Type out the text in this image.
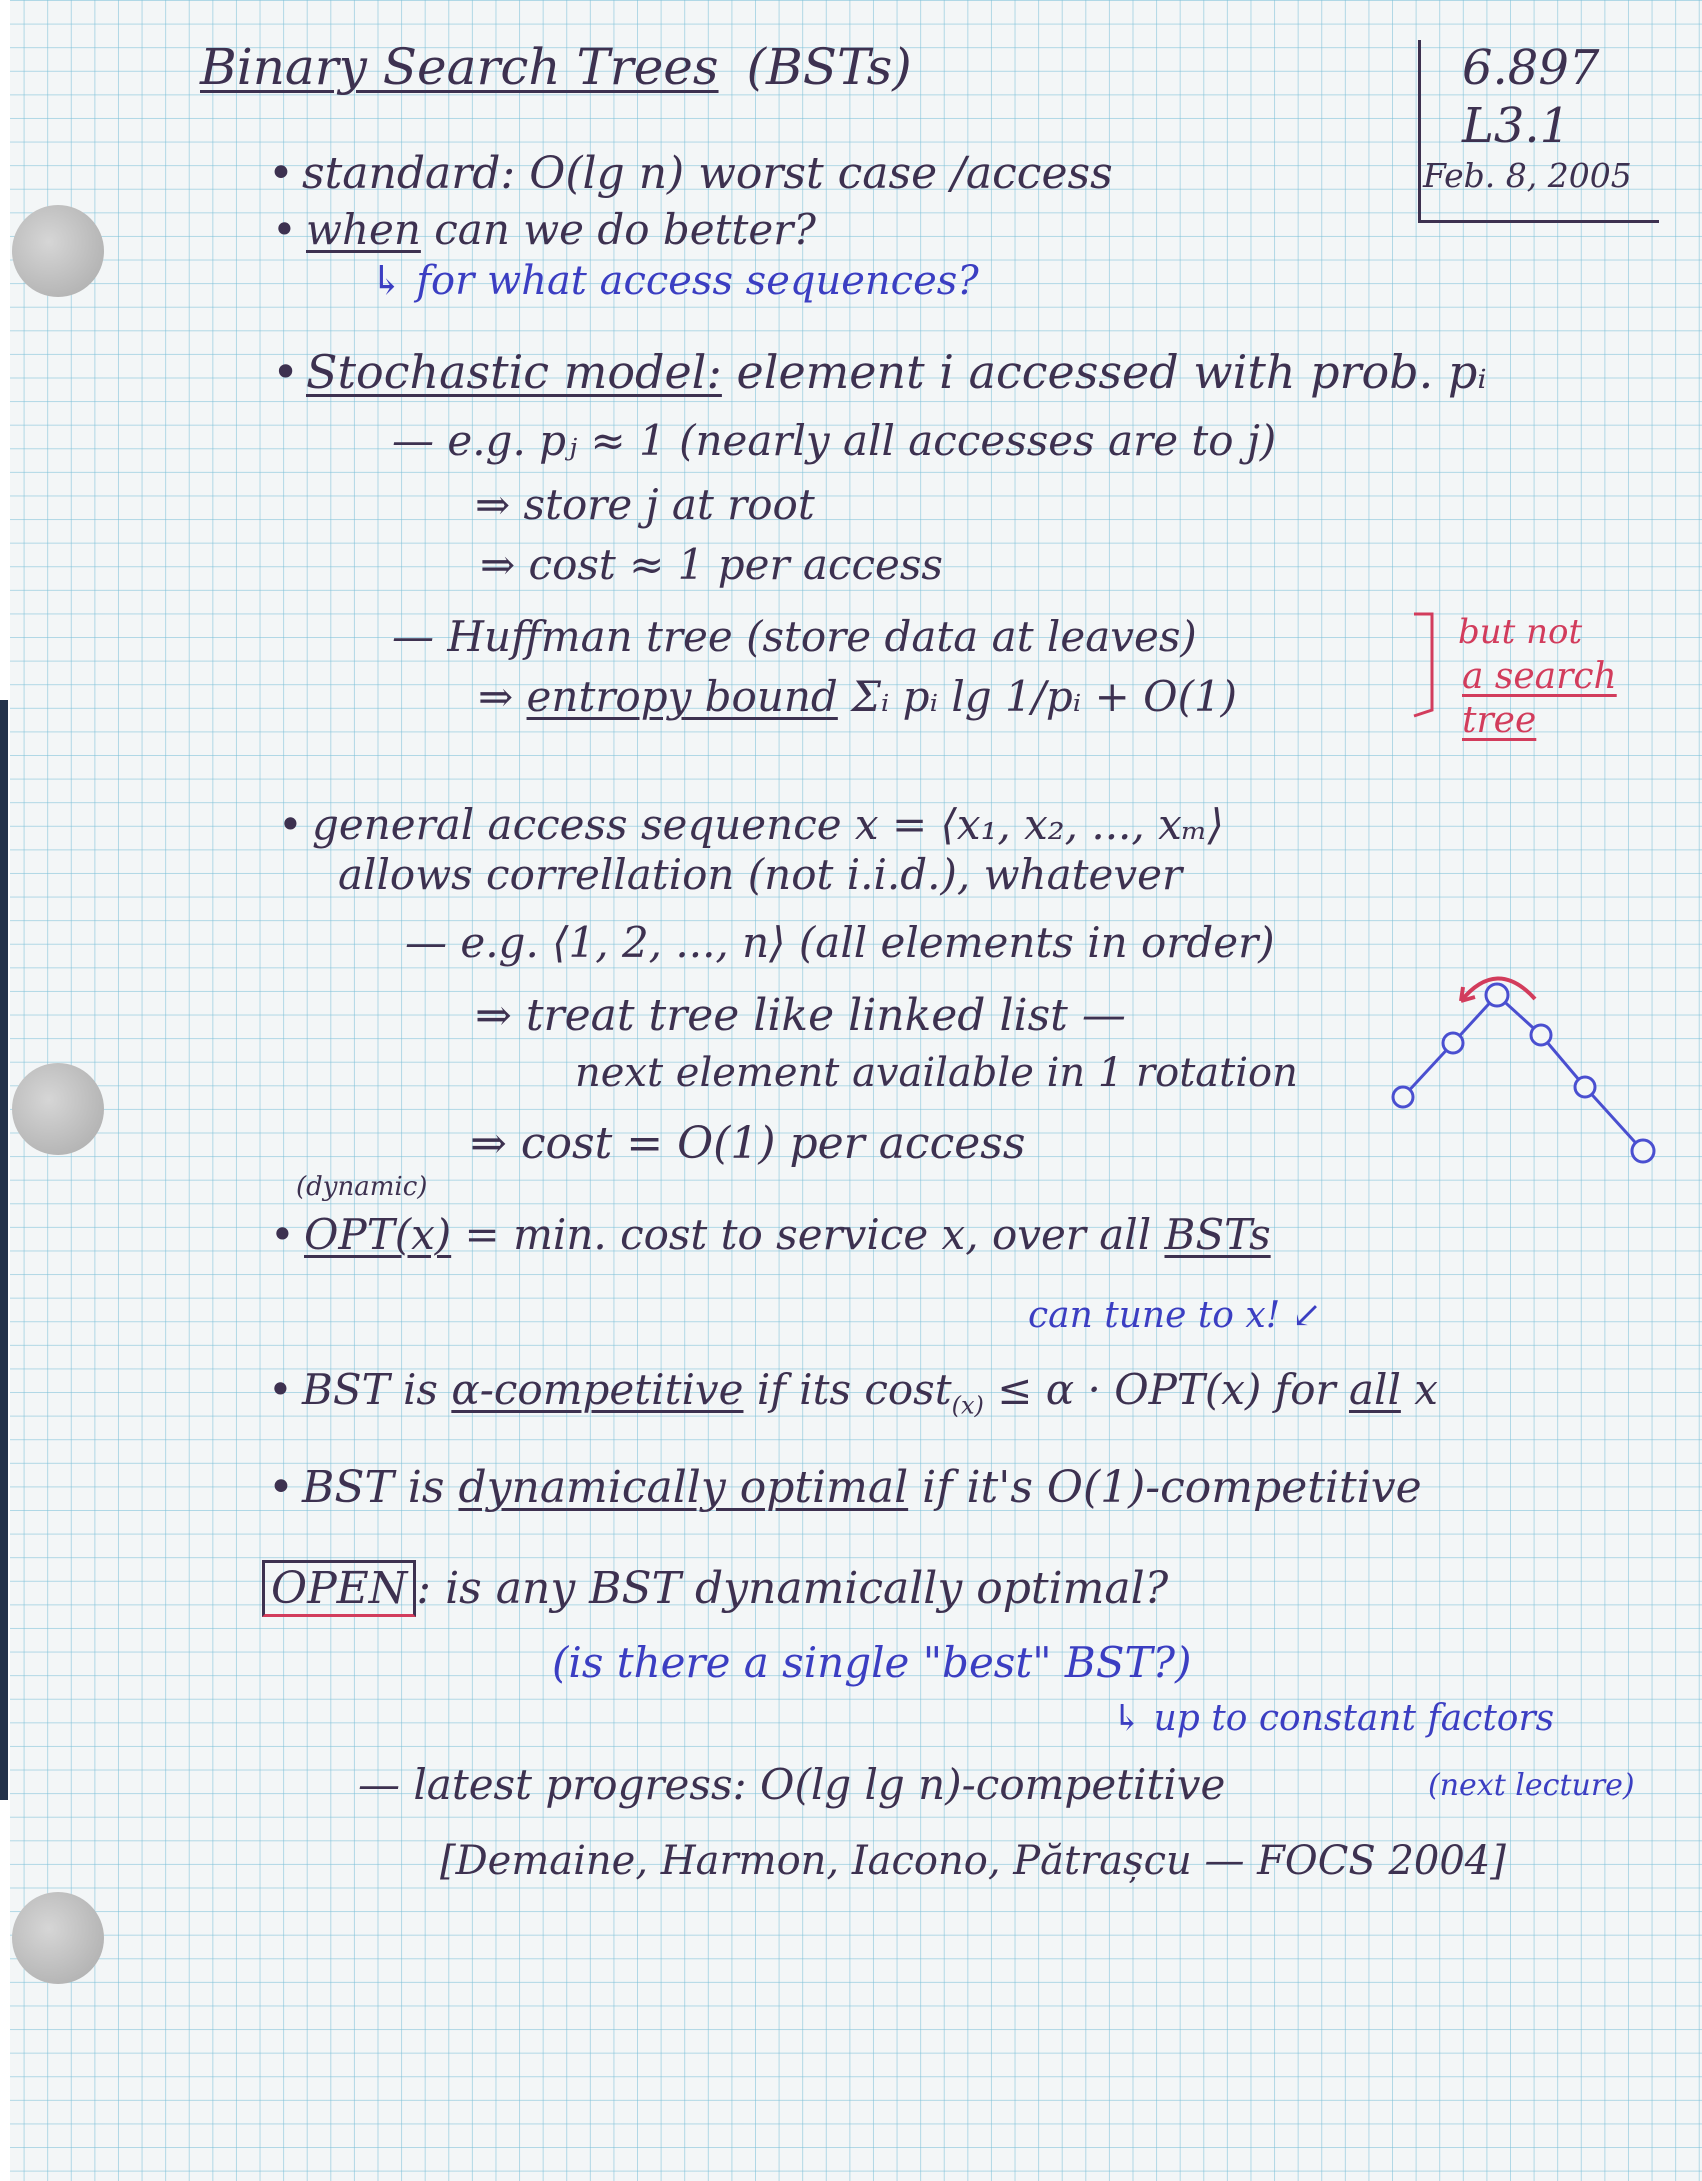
Binary Search Trees (BSTs)	6.897
L3.1
Feb. 8, 2005
• standard: O(lg n) worst case /access
• when can we do better?
↳ for what access sequences?
• Stochastic model: element i accessed with prob. pᵢ
— e.g. pⱼ ≈ 1 (nearly all accesses are to j)
⇒ store j at root
⇒ cost ≈ 1 per access
— Huffman tree (store data at leaves)
⇒ entropy bound Σᵢ pᵢ lg 1/pᵢ + O(1)
but not
a search
tree
• general access sequence x = ⟨x₁, x₂, ..., xₘ⟩
allows correllation (not i.i.d.), whatever
— e.g. ⟨1, 2, ..., n⟩ (all elements in order)
⇒ treat tree like linked list —
next element available in 1 rotation
⇒ cost = O(1) per access
(dynamic)
• OPT(x) = min. cost to service x, over all BSTs
can tune to x! ↙
• BST is α-competitive if its cost$_{(x)}$ ≤ α · OPT(x) for all x
• BST is dynamically optimal if it's O(1)-competitive
OPEN : is any BST dynamically optimal?
(is there a single "best" BST?)
↳ up to constant factors
— latest progress: O(lg lg n)-competitive	(next lecture)
[Demaine, Harmon, Iacono, Pătrașcu — FOCS 2004]
